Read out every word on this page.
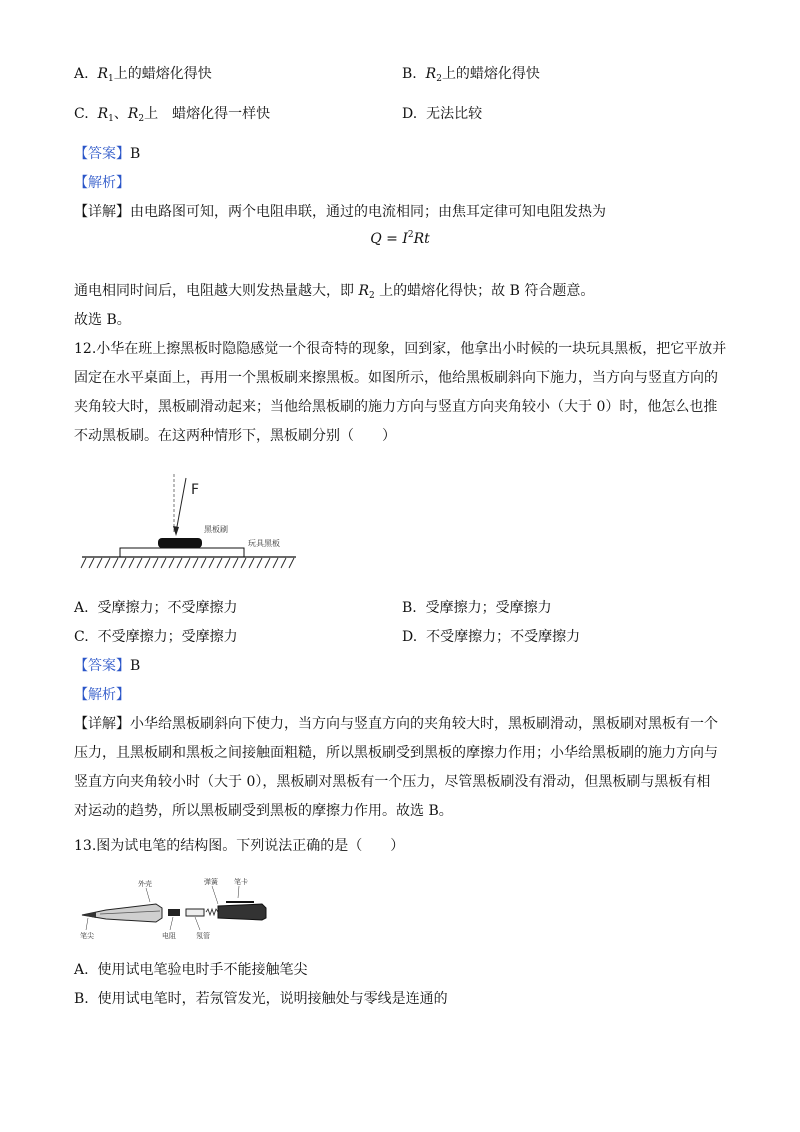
A. $R_1$上的蜡熔化得快	B. $R_2$上的蜡熔化得快
C. $R_1$、$R_2$上　蜡熔化得一样快	D. 无法比较
【答案】B
【解析】
【详解】由电路图可知，两个电阻串联，通过的电流相同；由焦耳定律可知电阻发热为
$Q = I^2Rt$
通电相同时间后，电阻越大则发热量越大，即 $R_2$ 上的蜡熔化得快；故 B 符合题意。
故选 B。
12.小华在班上擦黑板时隐隐感觉一个很奇特的现象，回到家，他拿出小时候的一块玩具黑板，把它平放并
固定在水平桌面上，再用一个黑板刷来擦黑板。如图所示，他给黑板刷斜向下施力，当方向与竖直方向的
夹角较大时，黑板刷滑动起来；当他给黑板刷的施力方向与竖直方向夹角较小（大于 0）时，他怎么也推
不动黑板刷。在这两种情形下，黑板刷分别（　　）
F
黑板刷
玩具黑板
A. 受摩擦力；不受摩擦力	B. 受摩擦力；受摩擦力
C. 不受摩擦力；受摩擦力	D. 不受摩擦力；不受摩擦力
【答案】B
【解析】
【详解】小华给黑板刷斜向下使力，当方向与竖直方向的夹角较大时，黑板刷滑动，黑板刷对黑板有一个
压力，且黑板刷和黑板之间接触面粗糙，所以黑板刷受到黑板的摩擦力作用；小华给黑板刷的施力方向与
竖直方向夹角较小时（大于 0），黑板刷对黑板有一个压力，尽管黑板刷没有滑动，但黑板刷与黑板有相
对运动的趋势，所以黑板刷受到黑板的摩擦力作用。故选 B。
13.图为试电笔的结构图。下列说法正确的是（　　）
外壳	弹簧 笔卡
笔尖	电阻	氖管
A. 使用试电笔验电时手不能接触笔尖
B. 使用试电笔时，若氖管发光，说明接触处与零线是连通的
